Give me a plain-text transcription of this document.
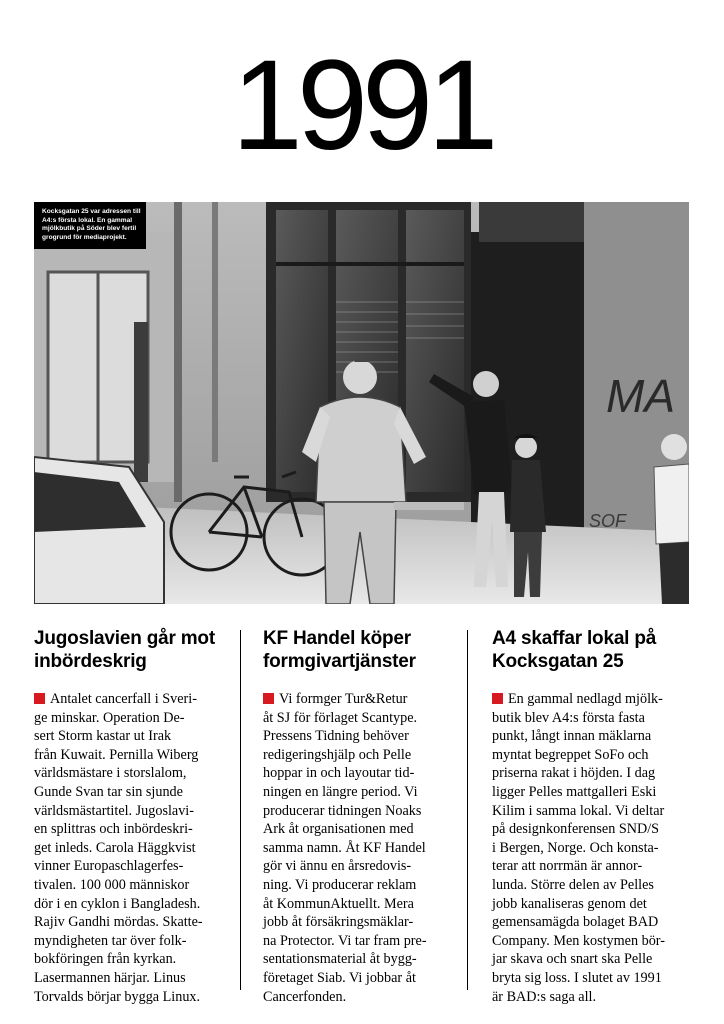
1991
MA
SOF
Kocksgatan 25 var adressen till A4:s första lokal. En gammal mjölkbutik på Söder blev fertil grogrund för mediaprojekt.
Jugoslavien går mot inbördeskrig

Antalet cancerfall i Sveri-
ge minskar. Operation De-
sert Storm kastar ut Irak
från Kuwait. Pernilla Wiberg
världsmästare i storslalom,
Gunde Svan tar sin sjunde
världsmästartitel. Jugoslavi-
en splittras och inbördeskri-
get inleds. Carola Häggkvist
vinner Europaschlagerfes-
tivalen. 100 000 människor
dör i en cyklon i Bangladesh.
Rajiv Gandhi mördas. Skatte-
myndigheten tar över folk-
bokföringen från kyrkan.
Lasermannen härjar. Linus
Torvalds börjar bygga Linux.

KF Handel köper formgivartjänster

Vi formger Tur&Retur
åt SJ för förlaget Scantype.
Pressens Tidning behöver
redigeringshjälp och Pelle
hoppar in och layoutar tid-
ningen en längre period. Vi
producerar tidningen Noaks
Ark åt organisationen med
samma namn. Åt KF Handel
gör vi ännu en årsredovis-
ning. Vi producerar reklam
åt KommunAktuellt. Mera
jobb åt försäkringsmäklar-
na Protector. Vi tar fram pre-
sentationsmaterial åt bygg-
företaget Siab. Vi jobbar åt
Cancerfonden.

A4 skaffar lokal på Kocksgatan 25

En gammal nedlagd mjölk-
butik blev A4:s första fasta
punkt, långt innan mäklarna
myntat begreppet SoFo och
priserna rakat i höjden. I dag
ligger Pelles mattgalleri Eski
Kilim i samma lokal. Vi deltar
på designkonferensen SND/S
i Bergen, Norge. Och konsta-
terar att norrmän är annor-
lunda. Större delen av Pelles
jobb kanaliseras genom det
gemensamägda bolaget BAD
Company. Men kostymen bör-
jar skava och snart ska Pelle
bryta sig loss. I slutet av 1991
är BAD:s saga all.
